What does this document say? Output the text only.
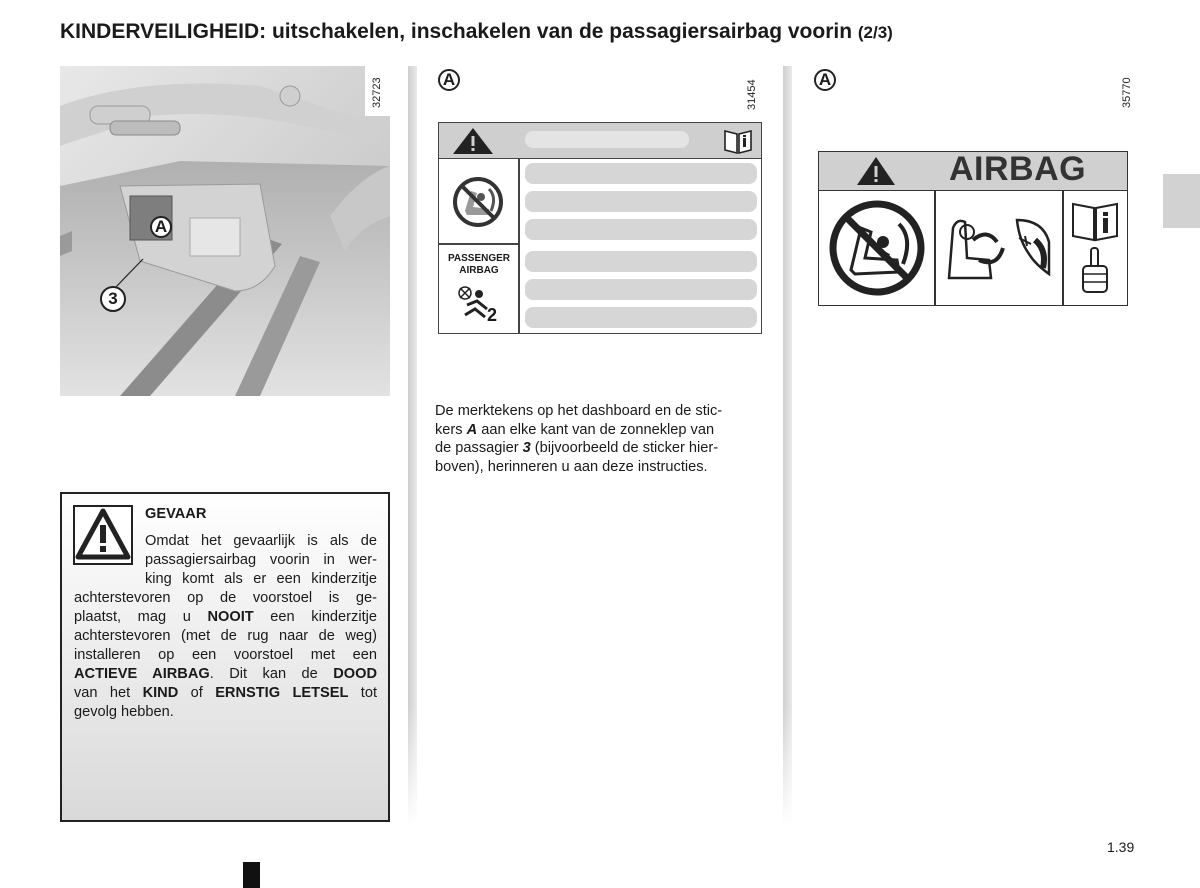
KINDERVEILIGHEID: uitschakelen, inschakelen van de passagiersairbag voorin (2/3)
A
3
32723	A	31454
PASSENGER AIRBAG
2
De merktekens op het dashboard en de stic-
kers A aan elke kant van de zonneklep van
de passagier 3 (bijvoorbeeld de sticker hier-
boven), herinneren u aan deze instructies.
A	35770
AIRBAG
GEVAAR
Omdat het gevaarlijk is als de
passagiersairbag voorin in wer-
king komt als er een kinderzitje
achterstevoren op de voorstoel is ge-
plaatst, mag u NOOIT een kinderzitje
achterstevoren (met de rug naar de weg)
installeren op een voorstoel met een
ACTIEVE AIRBAG. Dit kan de DOOD
van het KIND of ERNSTIG LETSEL tot
gevolg hebben.
1.39
